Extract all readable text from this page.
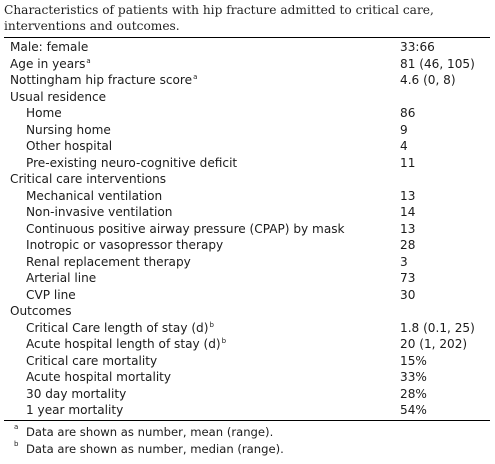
Characteristics of patients with hip fracture admitted to critical care, interventions and outcomes.
Male: female	33:66
Age in years$^a$	81 (46, 105)
Nottingham hip fracture score$^a$	4.6 (0, 8)
Usual residence
Home	86
Nursing home	9
Other hospital	4
Pre-existing neuro-cognitive deficit	11
Critical care interventions
Mechanical ventilation	13
Non-invasive ventilation	14
Continuous positive airway pressure (CPAP) by mask	13
Inotropic or vasopressor therapy	28
Renal replacement therapy	3
Arterial line	73
CVP line	30
Outcomes
Critical Care length of stay $(d)^b$	1.8 (0.1, 25)
Acute hospital length of stay $(d)^b$	20 (1, 202)
Critical care mortality	15%
Acute hospital mortality	33%
30 day mortality	28%
1 year mortality	54%
a Data are shown as number, mean (range).
b Data are shown as number, median (range).
